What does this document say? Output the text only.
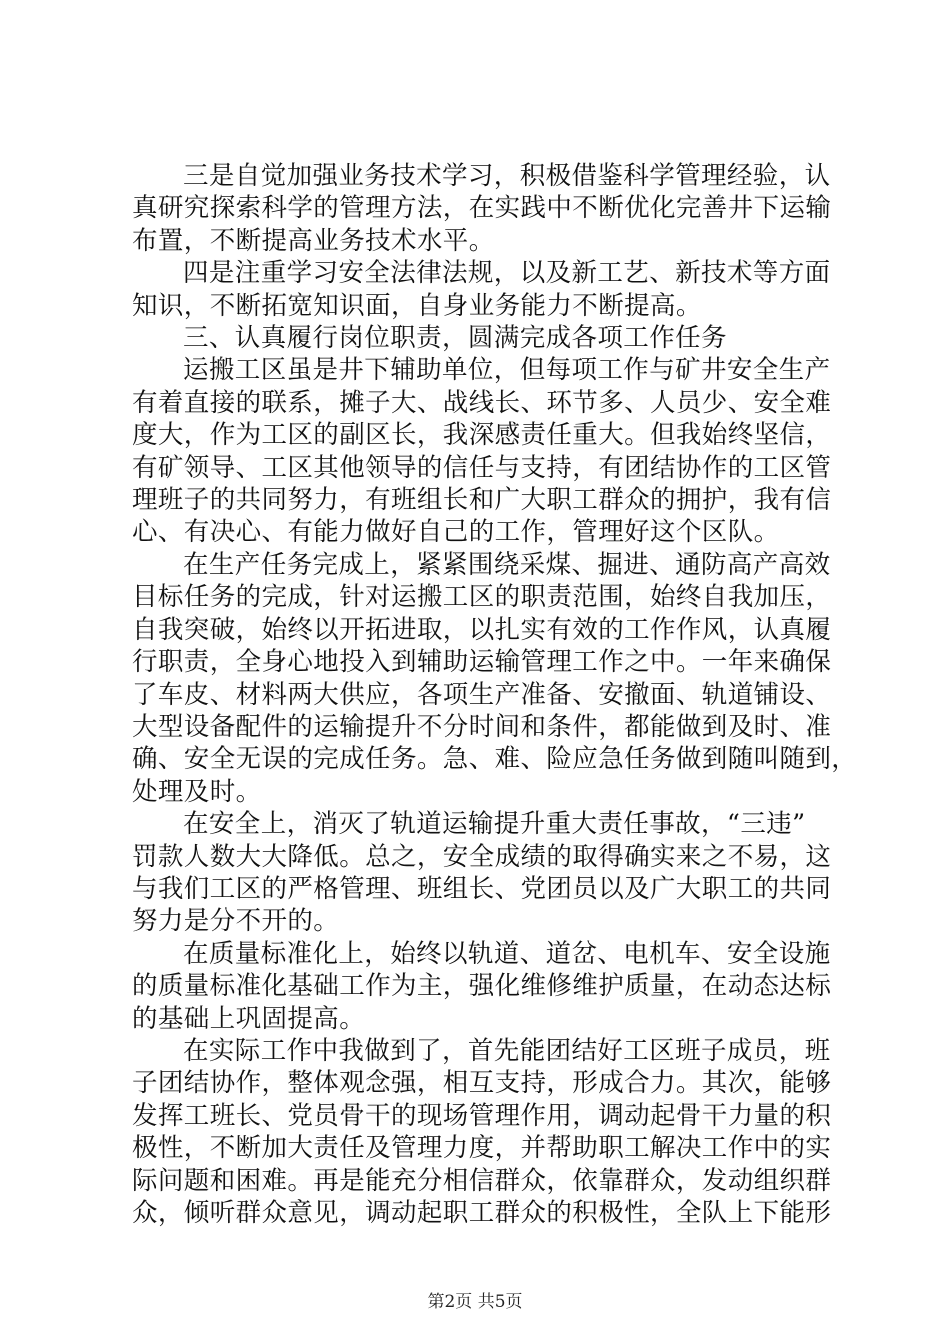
三是自觉加强业务技术学习，积极借鉴科学管理经验，认
真研究探索科学的管理方法，在实践中不断优化完善井下运输
布置，不断提高业务技术水平。

四是注重学习安全法律法规，以及新工艺、新技术等方面
知识，不断拓宽知识面，自身业务能力不断提高。

三、认真履行岗位职责，圆满完成各项工作任务

运搬工区虽是井下辅助单位，但每项工作与矿井安全生产
有着直接的联系，摊子大、战线长、环节多、人员少、安全难
度大，作为工区的副区长，我深感责任重大。但我始终坚信，
有矿领导、工区其他领导的信任与支持，有团结协作的工区管
理班子的共同努力，有班组长和广大职工群众的拥护，我有信
心、有决心、有能力做好自己的工作，管理好这个区队。

在生产任务完成上，紧紧围绕采煤、掘进、通防高产高效
目标任务的完成，针对运搬工区的职责范围，始终自我加压，
自我突破，始终以开拓进取，以扎实有效的工作作风，认真履
行职责，全身心地投入到辅助运输管理工作之中。一年来确保
了车皮、材料两大供应，各项生产准备、安撤面、轨道铺设、
大型设备配件的运输提升不分时间和条件，都能做到及时、准
确、安全无误的完成任务。急、难、险应急任务做到随叫随到，
处理及时。

在安全上，消灭了轨道运输提升重大责任事故，“三违”
罚款人数大大降低。总之，安全成绩的取得确实来之不易，这
与我们工区的严格管理、班组长、党团员以及广大职工的共同
努力是分不开的。

在质量标准化上，始终以轨道、道岔、电机车、安全设施
的质量标准化基础工作为主，强化维修维护质量，在动态达标
的基础上巩固提高。

在实际工作中我做到了，首先能团结好工区班子成员，班
子团结协作，整体观念强，相互支持，形成合力。其次，能够
发挥工班长、党员骨干的现场管理作用，调动起骨干力量的积
极性，不断加大责任及管理力度，并帮助职工解决工作中的实
际问题和困难。再是能充分相信群众，依靠群众，发动组织群
众，倾听群众意见，调动起职工群众的积极性，全队上下能形

第2页 共5页
